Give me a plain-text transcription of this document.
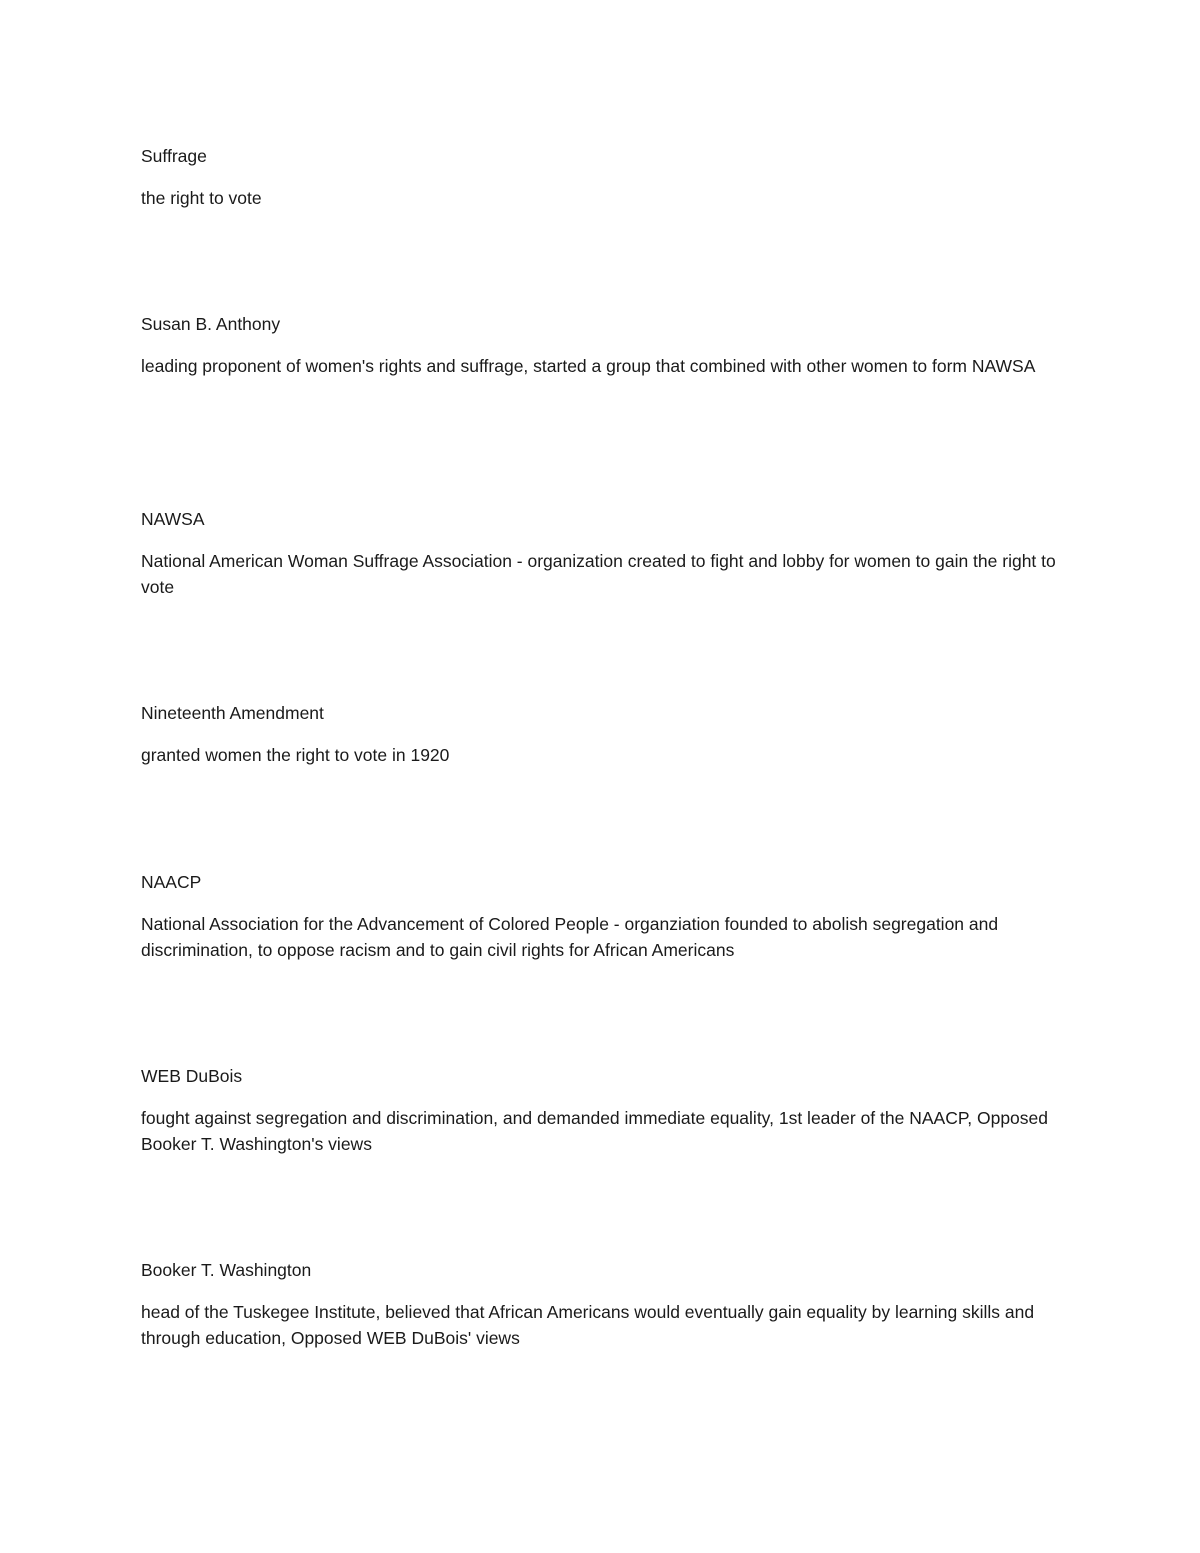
Suffrage

the right to vote

Susan B. Anthony

leading proponent of women's rights and suffrage, started a group that combined with other women to form NAWSA

NAWSA

National American Woman Suffrage Association - organization created to fight and lobby for women to gain the right to vote

Nineteenth Amendment

granted women the right to vote in 1920

NAACP

National Association for the Advancement of Colored People - organziation founded to abolish segregation and discrimination, to oppose racism and to gain civil rights for African Americans

WEB DuBois

fought against segregation and discrimination, and demanded immediate equality, 1st leader of the NAACP, Opposed Booker T. Washington's views

Booker T. Washington

head of the Tuskegee Institute, believed that African Americans would eventually gain equality by learning skills and through education, Opposed WEB DuBois' views
